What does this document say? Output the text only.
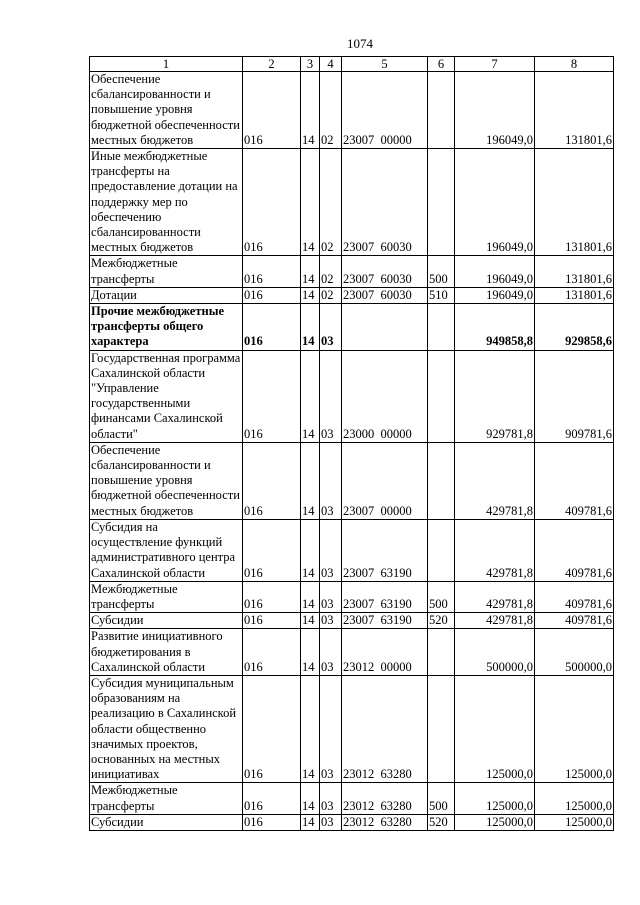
1074
1	2	3	4	5	6	7	8
Обеспечение сбалансированности и повышение уровня бюджетной обеспеченности местных бюджетов	016	14	02	23007  00000		196049,0	131801,6
Иные межбюджетные трансферты на предоставление дотации на поддержку мер по обеспечению сбалансированности местных бюджетов	016	14	02	23007  60030		196049,0	131801,6
Межбюджетные трансферты	016	14	02	23007  60030	500	196049,0	131801,6
Дотации	016	14	02	23007  60030	510	196049,0	131801,6
Прочие межбюджетные трансферты общего характера	016	14	03			949858,8	929858,6
Государственная программа Сахалинской области "Управление государственными финансами Сахалинской области"	016	14	03	23000  00000		929781,8	909781,6
Обеспечение сбалансированности и повышение уровня бюджетной обеспеченности местных бюджетов	016	14	03	23007  00000		429781,8	409781,6
Субсидия на осуществление функций административного центра Сахалинской области	016	14	03	23007  63190		429781,8	409781,6
Межбюджетные трансферты	016	14	03	23007  63190	500	429781,8	409781,6
Субсидии	016	14	03	23007  63190	520	429781,8	409781,6
Развитие инициативного бюджетирования в Сахалинской области	016	14	03	23012  00000		500000,0	500000,0
Субсидия муниципальным образованиям на реализацию в Сахалинской области общественно значимых проектов, основанных на местных инициативах	016	14	03	23012  63280		125000,0	125000,0
Межбюджетные трансферты	016	14	03	23012  63280	500	125000,0	125000,0
Субсидии	016	14	03	23012  63280	520	125000,0	125000,0
